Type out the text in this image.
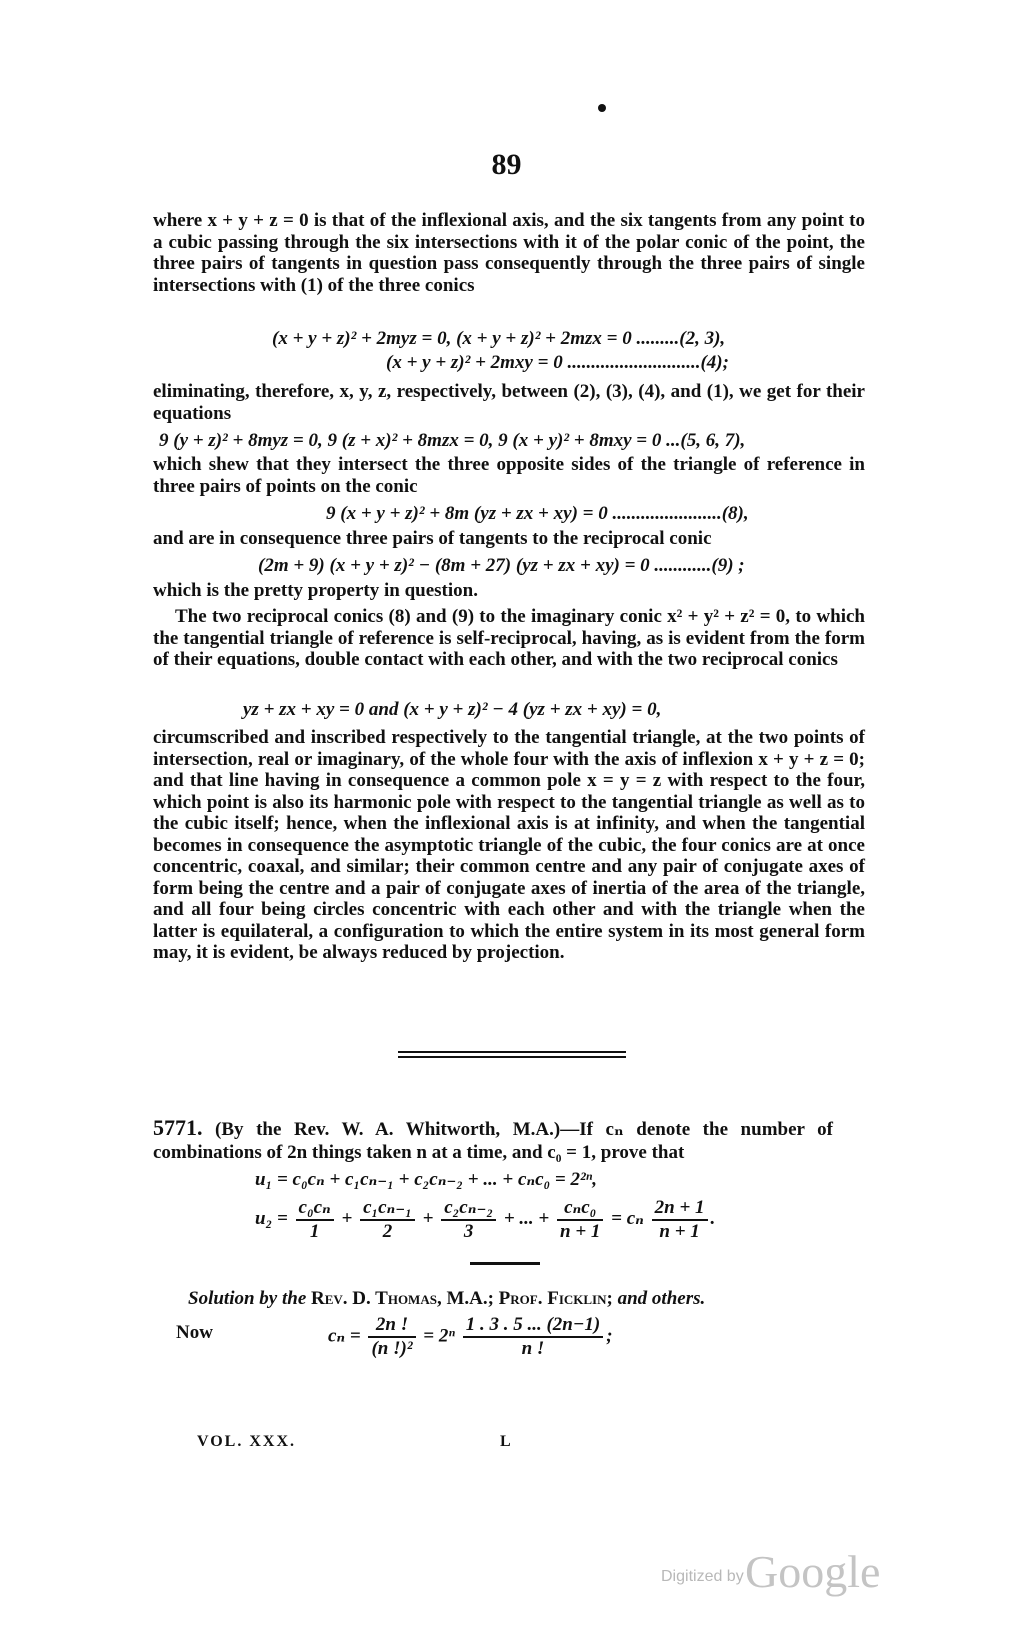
89
where x + y + z = 0 is that of the inflexional axis, and the six tangents from any point to a cubic passing through the six intersections with it of the polar conic of the point, the three pairs of tangents in question pass consequently through the three pairs of single intersections with (1) of the three conics
(x + y + z)² + 2myz = 0, (x + y + z)² + 2mzx = 0 .........(2, 3),
(x + y + z)² + 2mxy = 0 ............................(4);
eliminating, therefore, x, y, z, respectively, between (2), (3), (4), and (1), we get for their equations
9 (y + z)² + 8myz = 0, 9 (z + x)² + 8mzx = 0, 9 (x + y)² + 8mxy = 0 ...(5, 6, 7),
which shew that they intersect the three opposite sides of the triangle of reference in three pairs of points on the conic
9 (x + y + z)² + 8m (yz + zx + xy) = 0 .......................(8),
and are in consequence three pairs of tangents to the reciprocal conic
(2m + 9) (x + y + z)² − (8m + 27) (yz + zx + xy) = 0 ............(9) ;
which is the pretty property in question.
The two reciprocal conics (8) and (9) to the imaginary conic x² + y² + z² = 0, to which the tangential triangle of reference is self-reciprocal, having, as is evident from the form of their equations, double contact with each other, and with the two reciprocal conics
yz + zx + xy = 0 and (x + y + z)² − 4 (yz + zx + xy) = 0,
circumscribed and inscribed respectively to the tangential triangle, at the two points of intersection, real or imaginary, of the whole four with the axis of inflexion x + y + z = 0; and that line having in consequence a common pole x = y = z with respect to the four, which point is also its harmonic pole with respect to the tangential triangle as well as to the cubic itself; hence, when the inflexional axis is at infinity, and when the tangential becomes in consequence the asymptotic triangle of the cubic, the four conics are at once concentric, coaxal, and similar; their common centre and any pair of conjugate axes of form being the centre and a pair of conjugate axes of inertia of the area of the triangle, and all four being circles concentric with each other and with the triangle when the latter is equilateral, a configuration to which the entire system in its most general form may, it is evident, be always reduced by projection.
5771. (By the Rev. W. A. Whitworth, M.A.)—If cₙ denote the number of combinations of 2n things taken n at a time, and c₀ = 1, prove that
u₁ = c₀cₙ + c₁cₙ₋₁ + c₂cₙ₋₂ + ... + cₙc₀ = 2²ⁿ,
$u_2 = \frac{\text{c₀cₙ}}{1} + \frac{\text{c₁cₙ₋₁}}{2} + \frac{\text{c₂cₙ₋₂}}{3}$ + ... + $\frac{\text{cₙc₀}}{n + 1} = c_n \frac{2n + 1}{n + 1}$ .
Solution by the Rev. D. Thomas, M.A.; Prof. Ficklin; and others.
Now	$c_n = \frac{2n !}{\text{(n !)²}} = 2^n \frac{1 . 3 . 5 ... (2n-1)}{n !}$ ;
VOL. XXX.	L
Digitized by Google
